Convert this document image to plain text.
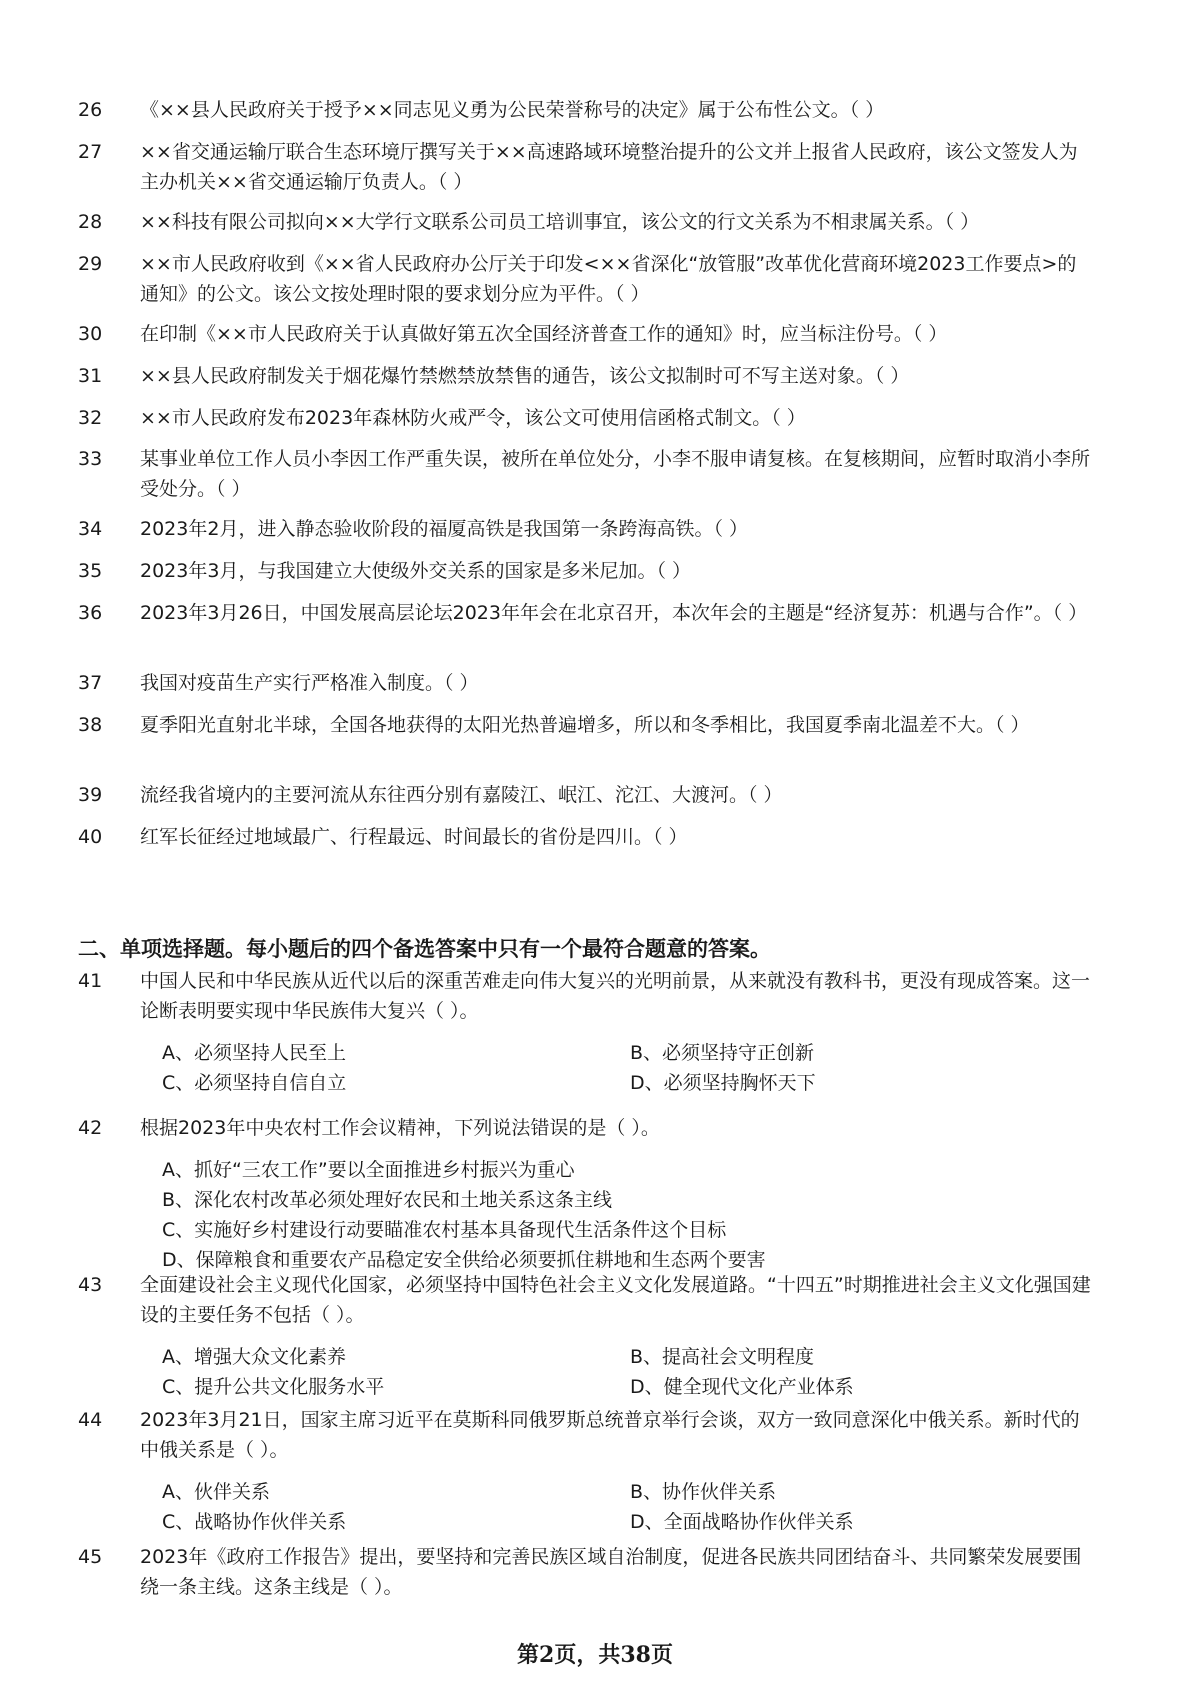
26 《××县人民政府关于授予××同志见义勇为公民荣誉称号的决定》属于公布性公文。（ ）
27 ××省交通运输厅联合生态环境厅撰写关于××高速路域环境整治提升的公文并上报省人民政府，该公文签发人为主办机关××省交通运输厅负责人。（ ）
28 ××科技有限公司拟向××大学行文联系公司员工培训事宜，该公文的行文关系为不相隶属关系。（ ）
29 ××市人民政府收到《××省人民政府办公厅关于印发<××省深化“放管服”改革优化营商环境2023工作要点>的通知》的公文。该公文按处理时限的要求划分应为平件。（ ）
30 在印制《××市人民政府关于认真做好第五次全国经济普查工作的通知》时，应当标注份号。（ ）
31 ××县人民政府制发关于烟花爆竹禁燃禁放禁售的通告，该公文拟制时可不写主送对象。（ ）
32 ××市人民政府发布2023年森林防火戒严令，该公文可使用信函格式制文。（ ）
33 某事业单位工作人员小李因工作严重失误，被所在单位处分，小李不服申请复核。在复核期间，应暂时取消小李所受处分。（ ）
34 2023年2月，进入静态验收阶段的福厦高铁是我国第一条跨海高铁。（ ）
35 2023年3月，与我国建立大使级外交关系的国家是多米尼加。（ ）
36 2023年3月26日，中国发展高层论坛2023年年会在北京召开，本次年会的主题是“经济复苏：机遇与合作”。（ ）
37 我国对疫苗生产实行严格准入制度。（ ）
38 夏季阳光直射北半球，全国各地获得的太阳光热普遍增多，所以和冬季相比，我国夏季南北温差不大。（ ）
39 流经我省境内的主要河流从东往西分别有嘉陵江、岷江、沱江、大渡河。（ ）
40 红军长征经过地域最广、行程最远、时间最长的省份是四川。（ ）
二、单项选择题。每小题后的四个备选答案中只有一个最符合题意的答案。
41 中国人民和中华民族从近代以后的深重苦难走向伟大复兴的光明前景，从来就没有教科书，更没有现成答案。这一论断表明要实现中华民族伟大复兴（ ）。
A、必须坚持人民至上	B、必须坚持守正创新
C、必须坚持自信自立	D、必须坚持胸怀天下
42 根据2023年中央农村工作会议精神，下列说法错误的是（ ）。
A、抓好“三农工作”要以全面推进乡村振兴为重心
B、深化农村改革必须处理好农民和土地关系这条主线
C、实施好乡村建设行动要瞄准农村基本具备现代生活条件这个目标
D、保障粮食和重要农产品稳定安全供给必须要抓住耕地和生态两个要害
43 全面建设社会主义现代化国家，必须坚持中国特色社会主义文化发展道路。“十四五”时期推进社会主义文化强国建设的主要任务不包括（ ）。
A、增强大众文化素养	B、提高社会文明程度
C、提升公共文化服务水平	D、健全现代文化产业体系
44 2023年3月21日，国家主席习近平在莫斯科同俄罗斯总统普京举行会谈，双方一致同意深化中俄关系。新时代的中俄关系是（ ）。
A、伙伴关系	B、协作伙伴关系
C、战略协作伙伴关系	D、全面战略协作伙伴关系
45 2023年《政府工作报告》提出，要坚持和完善民族区域自治制度，促进各民族共同团结奋斗、共同繁荣发展要围绕一条主线。这条主线是（ ）。
第2页，共38页
